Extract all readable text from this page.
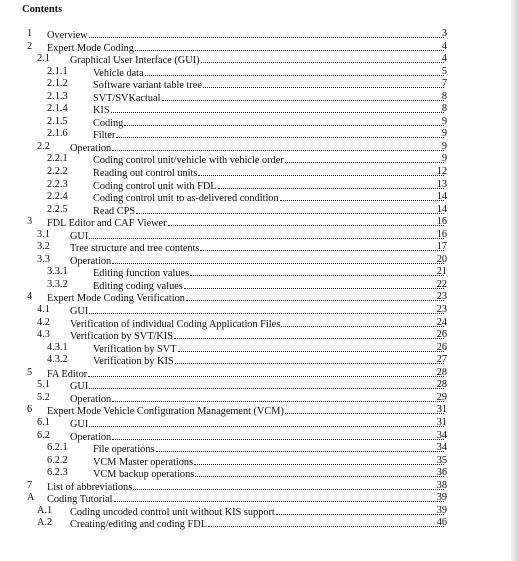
Contents
1 Overview	3
2 Expert Mode Coding	4
2.1 Graphical User Interface (GUI)	4
2.1.1 Vehicle data	5
2.1.2 Software variant table tree	7
2.1.3 SVT/SVKactual	8
2.1.4 KIS	8
2.1.5 Coding	9
2.1.6 Filter	9
2.2 Operation	9
2.2.1 Coding control unit/vehicle with vehicle order	9
2.2.2 Reading out control units	12
2.2.3 Coding control unit with FDL	13
2.2.4 Coding control unit to as-delivered condition	14
2.2.5 Read CPS	14
3 FDL Editor and CAF Viewer	16
3.1 GUI	16
3.2 Tree structure and tree contents	17
3.3 Operation	20
3.3.1 Editing function values	21
3.3.2 Editing coding values	22
4 Expert Mode Coding Verification	23
4.1 GUI	23
4.2 Verification of individual Coding Application Files	24
4.3 Verification by SVT/KIS	26
4.3.1 Verification by SVT	26
4.3.2 Verification by KIS	27
5 FA Editor	28
5.1 GUI	28
5.2 Operation	29
6 Expert Mode Vehicle Configuration Management (VCM)	31
6.1 GUI	31
6.2 Operation	34
6.2.1 File operations	34
6.2.2 VCM Master operations	35
6.2.3 VCM backup operations	36
7 List of abbreviations	38
A Coding Tutorial	39
A.1 Coding uncoded control unit without KIS support	39
A.2 Creating/editing and coding FDL	46
